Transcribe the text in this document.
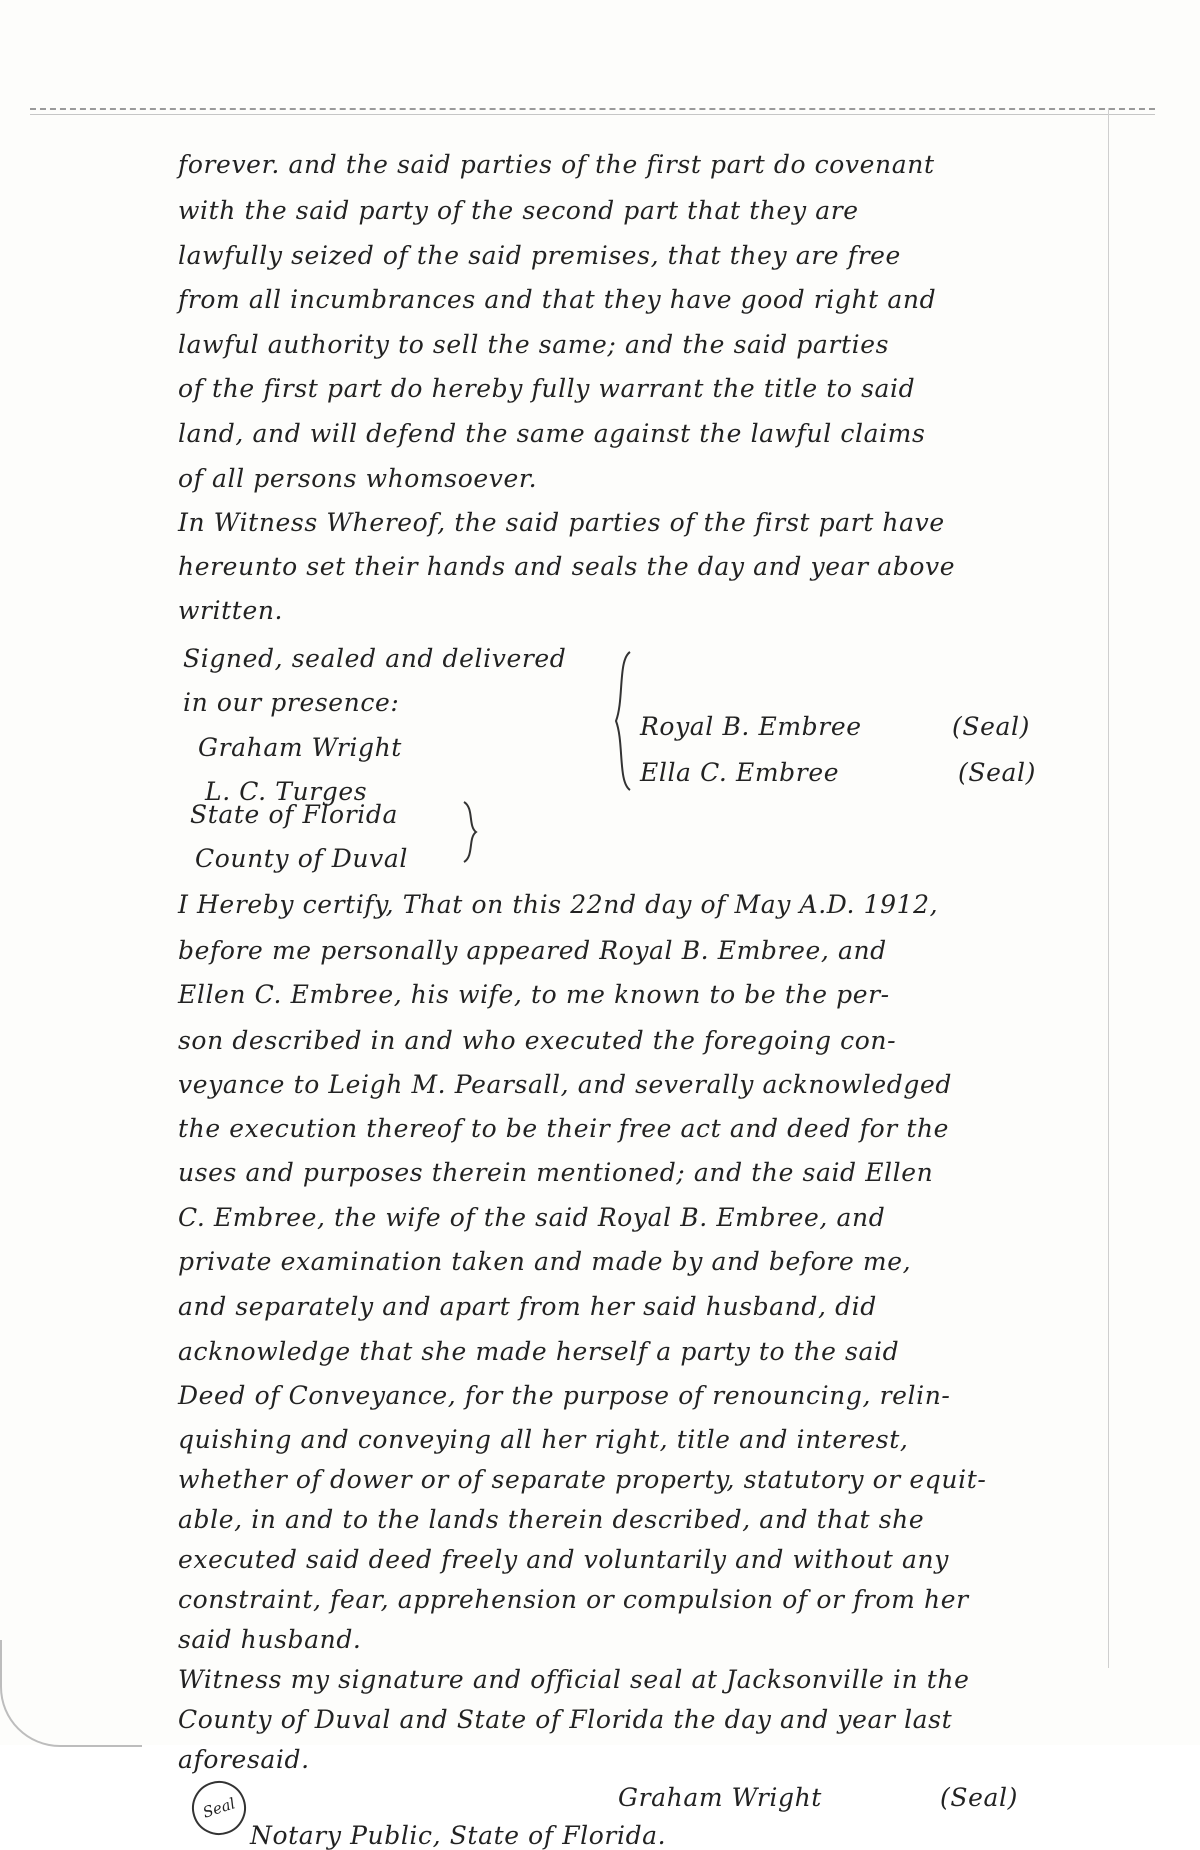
forever. and the said parties of the first part do covenant
with the said party of the second part that they are
lawfully seized of the said premises, that they are free
from all incumbrances and that they have good right and
lawful authority to sell the same; and the said parties
of the first part do hereby fully warrant the title to said
land, and will defend the same against the lawful claims
of all persons whomsoever.
In Witness Whereof, the said parties of the first part have
hereunto set their hands and seals the day and year above
written.
Signed, sealed and delivered
in our presence:
Graham Wright
L. C. Turges
Royal B. Embree	(Seal)
Ella C. Embree	(Seal)
State of Florida
County of Duval
I Hereby certify, That on this 22nd day of May A.D. 1912,
before me personally appeared Royal B. Embree, and
Ellen C. Embree, his wife, to me known to be the per-
son described in and who executed the foregoing con-
veyance to Leigh M. Pearsall, and severally acknowledged
the execution thereof to be their free act and deed for the
uses and purposes therein mentioned; and the said Ellen
C. Embree, the wife of the said Royal B. Embree, and
private examination taken and made by and before me,
and separately and apart from her said husband, did
acknowledge that she made herself a party to the said
Deed of Conveyance, for the purpose of renouncing, relin-
quishing and conveying all her right, title and interest,
whether of dower or of separate property, statutory or equit-
able, in and to the lands therein described, and that she
executed said deed freely and voluntarily and without any
constraint, fear, apprehension or compulsion of or from her
said husband.
Witness my signature and official seal at Jacksonville in the
County of Duval and State of Florida the day and year last
aforesaid.
Seal	Graham Wright	(Seal)
Notary Public, State of Florida.
